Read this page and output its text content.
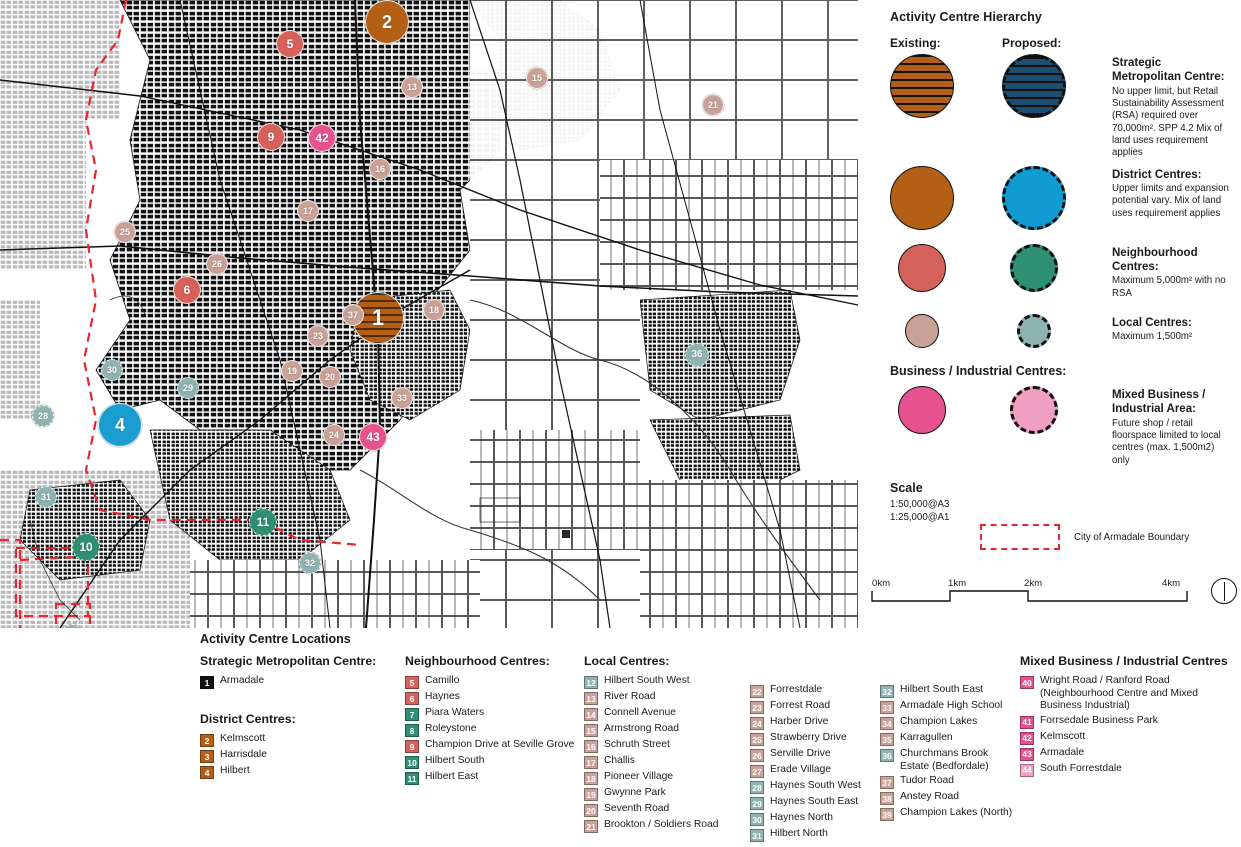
1
2
4
5
6
9
10
11
13
15
16
17
18
19
20
21
23
24
25
26
28
29
30
31
32
33
36
37
42
43
Activity Centre Hierarchy
Existing:	Proposed:
Strategic Metropolitan Centre:
No upper limit, but Retail Sustainability Assessment (RSA) required over 70,000m². SPP 4.2 Mix of land uses requirement applies
District Centres:
Upper limits and expansion potential vary. Mix of land uses requirement applies
Neighbourhood Centres:
Maximum 5,000m² with no RSA
Local Centres:
Maximum 1,500m²
Business / Industrial Centres:
Mixed Business / Industrial Area:
Future shop / retail floorspace limited to local centres (max. 1,500m2) only
Scale
1:50,000@A3
1:25,000@A1
City of Armadale Boundary
0km	1km	2km	4km
Activity Centre Locations
Strategic Metropolitan Centre:
1	Armadale
District Centres:
2	Kelmscott
3	Harrisdale
4	Hilbert
Neighbourhood Centres:
5	Camillo
6	Haynes
7	Piara Waters
8	Roleystone
9	Champion Drive at Seville Grove
10 Hilbert South
11 Hilbert East
Local Centres:
12 Hilbert South West
13 River Road
14 Connell Avenue
15 Armstrong Road
16 Schruth Street
17 Challis
18 Pioneer Village
19 Gwynne Park
20 Seventh Road
21 Brookton / Soldiers Road
22 Forrestdale
23 Forrest Road
24 Harber Drive
25 Strawberry Drive
26 Serville Drive
27 Erade Village
28 Haynes South West
29 Haynes South East
30 Haynes North
31 Hilbert North
32 Hilbert South East
33 Armadale High School
34 Champion Lakes
35 Karragullen
36 Churchmans Brook Estate (Bedfordale)
37 Tudor Road
38 Anstey Road
39 Champion Lakes (North)
Mixed Business / Industrial Centres
40 Wright Road / Ranford Road (Neighbourhood Centre and Mixed Business Industrial)
41 Forrsedale Business Park
42 Kelmscott
43 Armadale
44 South Forrestdale
